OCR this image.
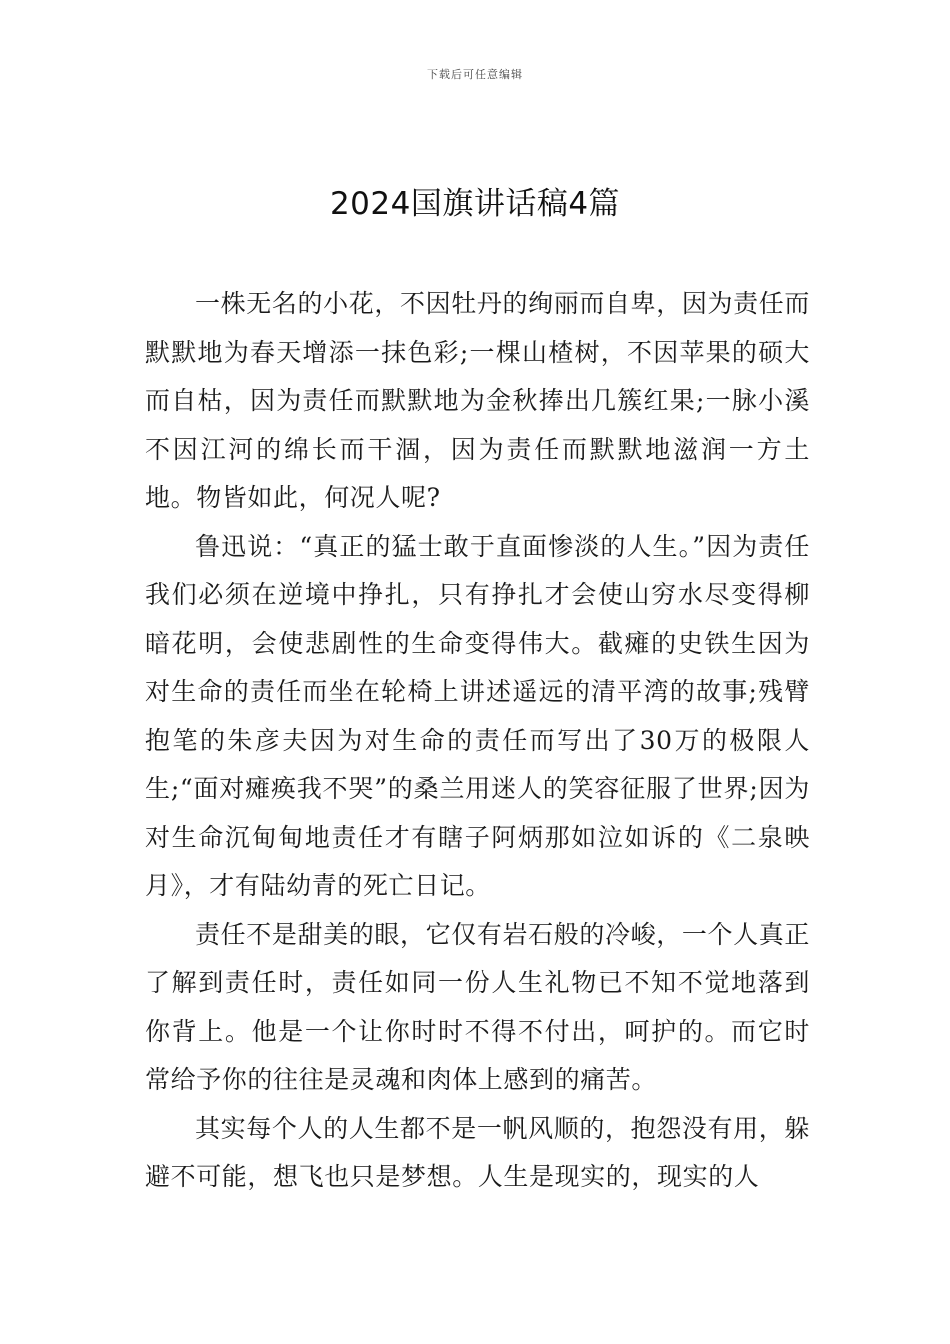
下载后可任意编辑
2024国旗讲话稿4篇

一株无名的小花，不因牡丹的绚丽而自卑，因为责任而默默地为春天增添一抹色彩;一棵山楂树，不因苹果的硕大而自枯，因为责任而默默地为金秋捧出几簇红果;一脉小溪不因江河的绵长而干涸，因为责任而默默地滋润一方土地。物皆如此，何况人呢?

鲁迅说：“真正的猛士敢于直面惨淡的人生。”因为责任我们必须在逆境中挣扎，只有挣扎才会使山穷水尽变得柳暗花明，会使悲剧性的生命变得伟大。截瘫的史铁生因为对生命的责任而坐在轮椅上讲述遥远的清平湾的故事;残臂抱笔的朱彦夫因为对生命的责任而写出了30万的极限人生;“面对瘫痪我不哭”的桑兰用迷人的笑容征服了世界;因为对生命沉甸甸地责任才有瞎子阿炳那如泣如诉的《二泉映月》，才有陆幼青的死亡日记。

责任不是甜美的眼，它仅有岩石般的冷峻，一个人真正了解到责任时，责任如同一份人生礼物已不知不觉地落到你背上。他是一个让你时时不得不付出，呵护的。而它时常给予你的往往是灵魂和肉体上感到的痛苦。

其实每个人的人生都不是一帆风顺的，抱怨没有用，躲避不可能，想飞也只是梦想。人生是现实的，现实的人
